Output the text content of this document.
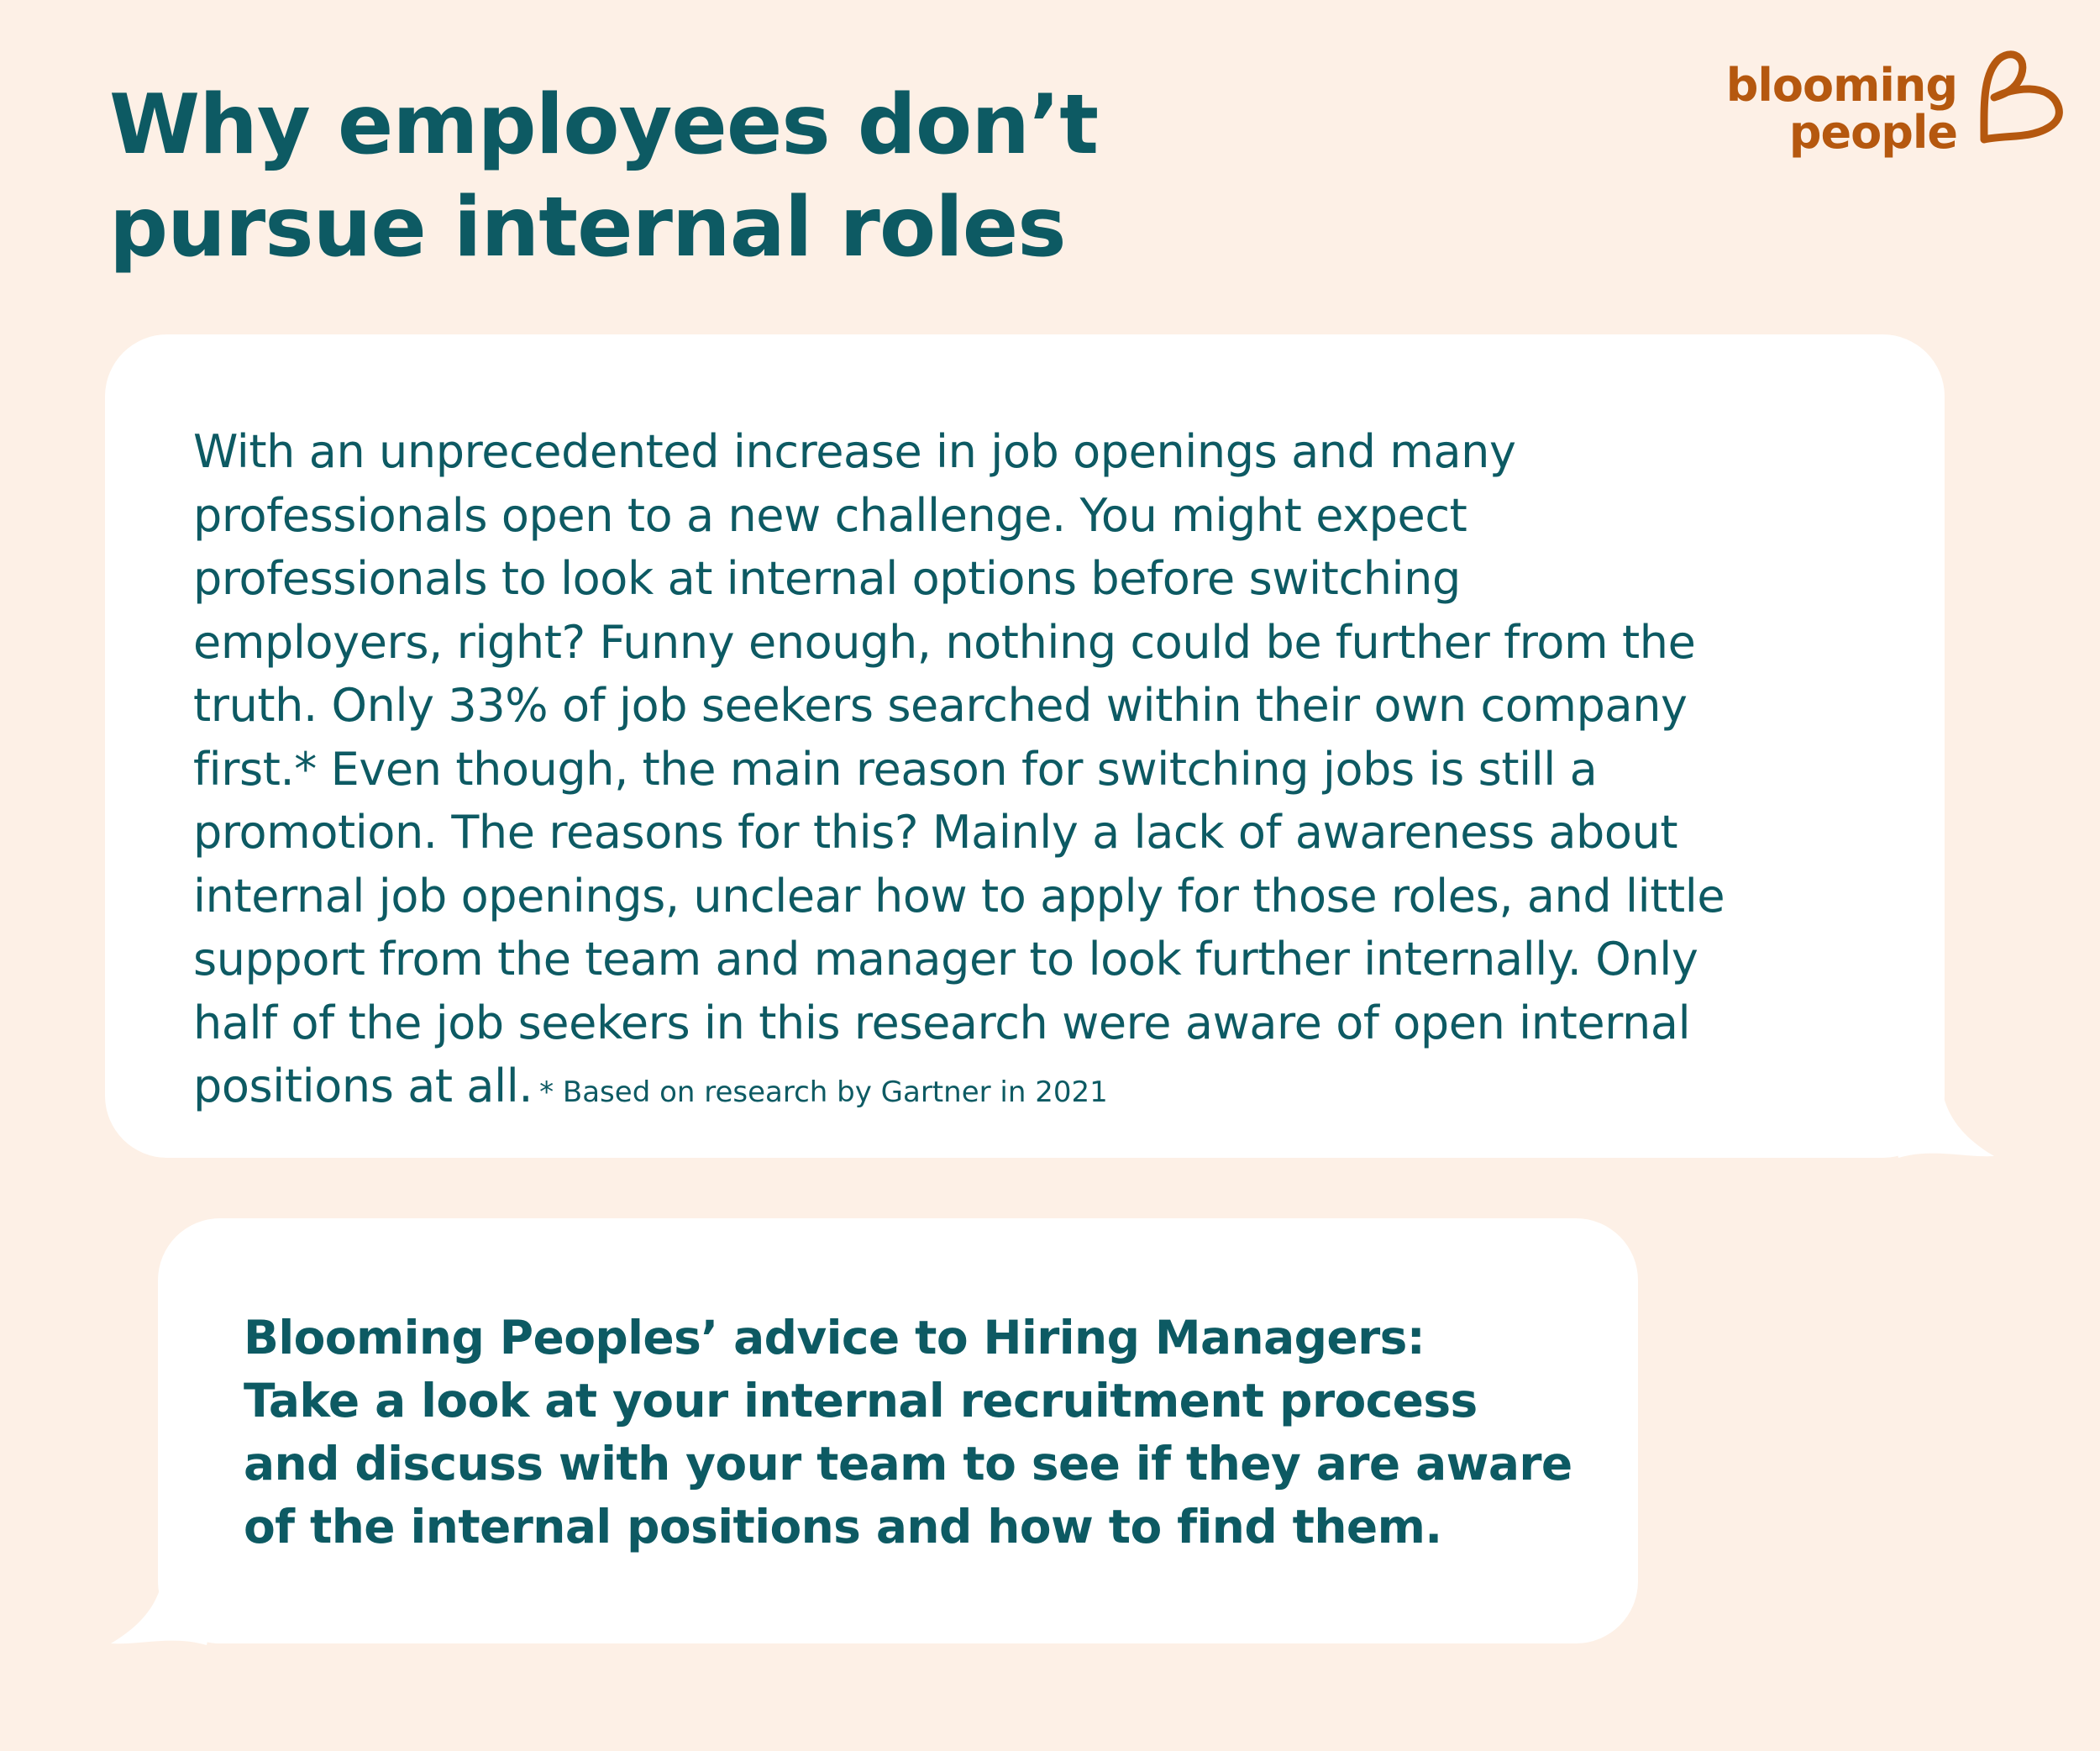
Why employees don’t
pursue internal roles
blooming
people

With an unprecedented increase in job openings and many
professionals open to a new challenge. You might expect
professionals to look at internal options before switching
employers, right? Funny enough, nothing could be further from the
truth. Only 33% of job seekers searched within their own company
first.* Even though, the main reason for switching jobs is still a
promotion. The reasons for this? Mainly a lack of awareness about
internal job openings, unclear how to apply for those roles, and little
support from the team and manager to look further internally. Only
half of the job seekers in this research were aware of open internal
positions at all. * Based on research by Gartner in 2021

Blooming Peoples’ advice to Hiring Managers:
Take a look at your internal recruitment process
and discuss with your team to see if they are aware
of the internal positions and how to find them.
